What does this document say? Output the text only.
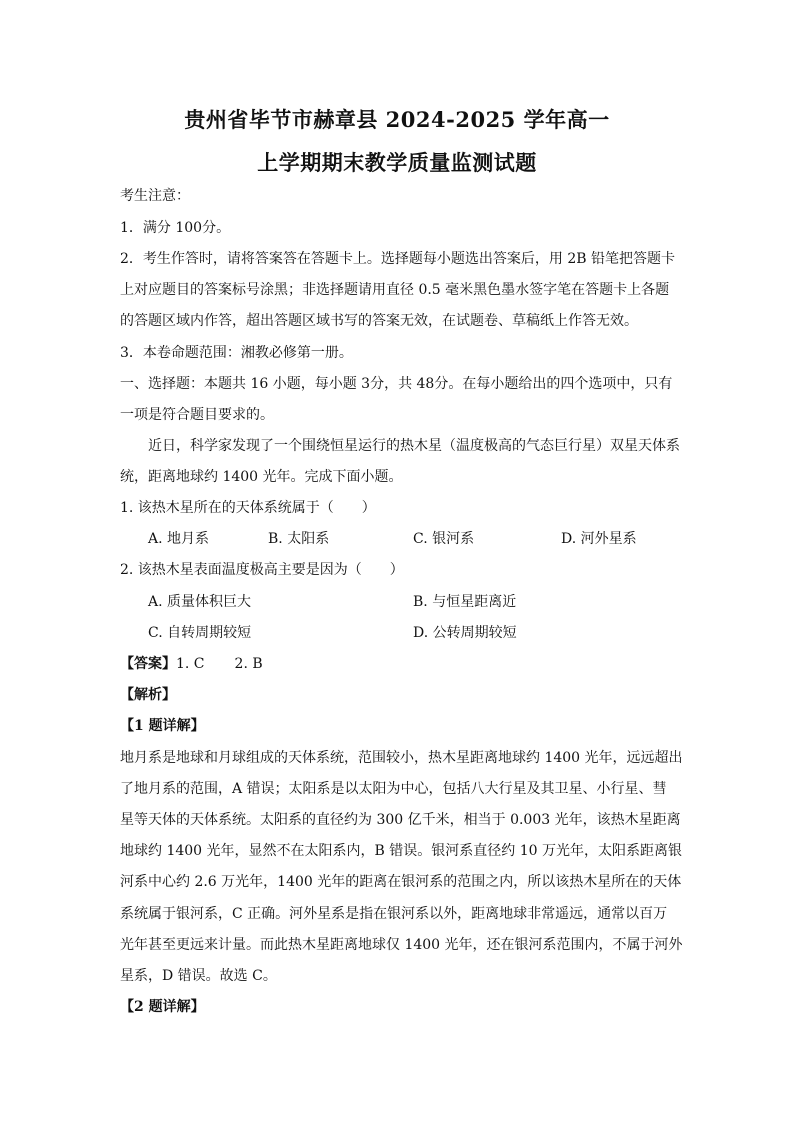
贵州省毕节市赫章县 2024-2025 学年高一
上学期期末教学质量监测试题
考生注意：
1．满分 100分。
2．考生作答时，请将答案答在答题卡上。选择题每小题选出答案后，用 2B 铅笔把答题卡
上对应题目的答案标号涂黑；非选择题请用直径 0.5 毫米黑色墨水签字笔在答题卡上各题
的答题区域内作答，超出答题区域书写的答案无效，在试题卷、草稿纸上作答无效。
3．本卷命题范围：湘教必修第一册。
一、选择题：本题共 16 小题，每小题 3分，共 48分。在每小题给出的四个选项中，只有
一项是符合题目要求的。
近日，科学家发现了一个围绕恒星运行的热木星（温度极高的气态巨行星）双星天体系
统，距离地球约 1400 光年。完成下面小题。
1. 该热木星所在的天体系统属于（　　）
A. 地月系	B. 太阳系	C. 银河系	D. 河外星系
2. 该热木星表面温度极高主要是因为（　　）
A. 质量体积巨大	B. 与恒星距离近
C. 自转周期较短	D. 公转周期较短
【答案】1. C 2. B
【解析】
【1 题详解】
地月系是地球和月球组成的天体系统，范围较小，热木星距离地球约 1400 光年，远远超出
了地月系的范围，A 错误；太阳系是以太阳为中心，包括八大行星及其卫星、小行星、彗
星等天体的天体系统。太阳系的直径约为 300 亿千米，相当于 0.003 光年，该热木星距离
地球约 1400 光年，显然不在太阳系内，B 错误。银河系直径约 10 万光年，太阳系距离银
河系中心约 2.6 万光年，1400 光年的距离在银河系的范围之内，所以该热木星所在的天体
系统属于银河系，C 正确。河外星系是指在银河系以外，距离地球非常遥远，通常以百万
光年甚至更远来计量。而此热木星距离地球仅 1400 光年，还在银河系范围内，不属于河外
星系，D 错误。故选 C。
【2 题详解】
